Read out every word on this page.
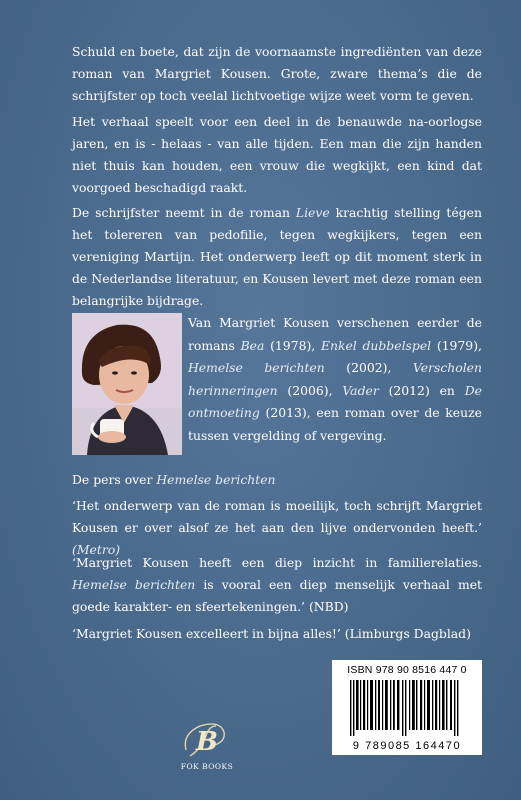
Schuld en boete, dat zijn de voornaamste ingrediënten van deze roman van Margriet Kousen. Grote, zware thema’s die de schrijfster op toch veelal lichtvoetige wijze weet vorm te geven.

Het verhaal speelt voor een deel in de benauwde na-oorlogse jaren, en is - helaas - van alle tijden. Een man die zijn handen niet thuis kan houden, een vrouw die wegkijkt, een kind dat voorgoed beschadigd raakt.

De schrijfster neemt in de roman Lieve krachtig stelling tégen het tolereren van pedofilie, tegen wegkijkers, tegen een vereniging Martijn. Het onderwerp leeft op dit moment sterk in de Nederlandse literatuur, en Kousen levert met deze roman een belangrijke bijdrage.

Van Margriet Kousen verschenen eerder de romans Bea (1978), Enkel dubbelspel (1979), Hemelse berichten (2002), Verscholen herinneringen (2006), Vader (2012) en De ontmoeting (2013), een roman over de keuze tussen vergelding of vergeving.

De pers over Hemelse berichten

‘Het onderwerp van de roman is moeilijk, toch schrijft Margriet Kousen er over alsof ze het aan den lijve ondervonden heeft.’ (Metro)

‘Margriet Kousen heeft een diep inzicht in familierelaties. Hemelse berichten is vooral een diep menselijk verhaal met goede karakter- en sfeertekeningen.’ (NBD)

‘Margriet Kousen excelleert in bijna alles!’ (Limburgs Dagblad)

ISBN 978 90 8516 447 0
9 789085 164470
B
FOK BOOKS
